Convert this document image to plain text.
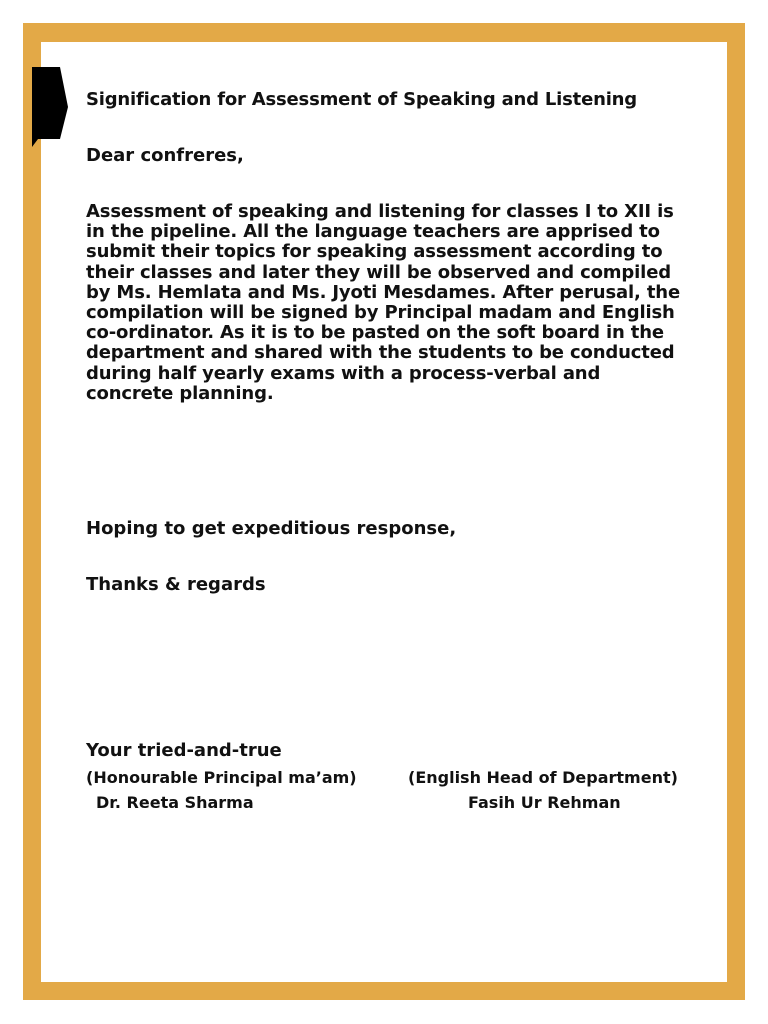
Signification for Assessment of Speaking and Listening

Dear confreres,

Assessment of speaking and listening for classes I to XII is
in the pipeline. All the language teachers are apprised to
submit their topics for speaking assessment according to
their classes and later they will be observed and compiled
by Ms. Hemlata and Ms. Jyoti Mesdames. After perusal, the
compilation will be signed by Principal madam and English
co-ordinator. As it is to be pasted on the soft board in the
department and shared with the students to be conducted
during half yearly exams with a process-verbal and
concrete planning.

Hoping to get expeditious response,

Thanks & regards

Your tried-and-true

(Honourable Principal ma’am)

Dr. Reeta Sharma

(English Head of Department)

Fasih Ur Rehman
